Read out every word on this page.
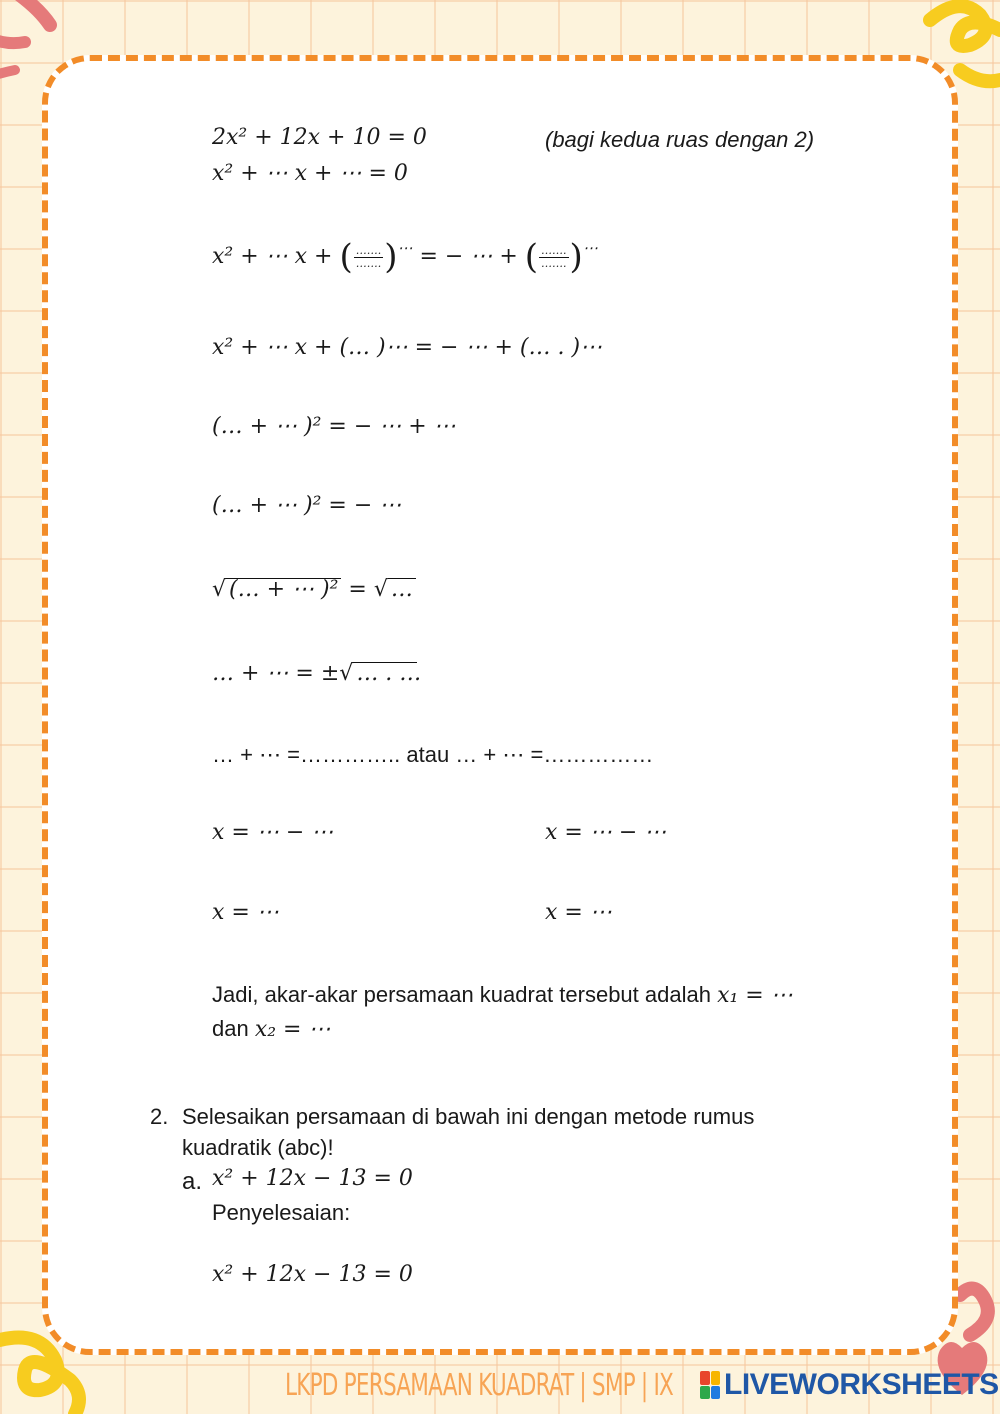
2𝑥² + 12𝑥 + 10 = 0	(bagi kedua ruas dengan 2)
𝑥² + ⋯ 𝑥 + ⋯ = 0
𝑥² + ⋯ 𝑥 + ( $\frac{\dots\dots.}{\dots\dots.} )^\cdots$ = − ⋯ + ( $\frac{\dots\dots.}{\dots\dots.} )^\cdots$
𝑥² + ⋯ 𝑥 + (… )⋯ = − ⋯ + (… . )⋯
(… + ⋯ )² = − ⋯ + ⋯
(… + ⋯ )² = − ⋯
√ (… + ⋯ )² = √ …
… + ⋯ = ±√ … . …
… + ⋯ =………….. atau … + ⋯ =……………
𝑥 = ⋯ − ⋯	𝑥 = ⋯ − ⋯
𝑥 = ⋯	𝑥 = ⋯
Jadi, akar-akar persamaan kuadrat tersebut adalah 𝑥₁ = ⋯
dan 𝑥₂ = ⋯
2. Selesaikan persamaan di bawah ini dengan metode rumus
kuadratik (abc)!
a. 𝑥² + 12𝑥 − 13 = 0
Penyelesaian:
𝑥² + 12𝑥 − 13 = 0
LKPD PERSAMAAN KUADRAT | SMP | IX LIVEWORKSHEETS
